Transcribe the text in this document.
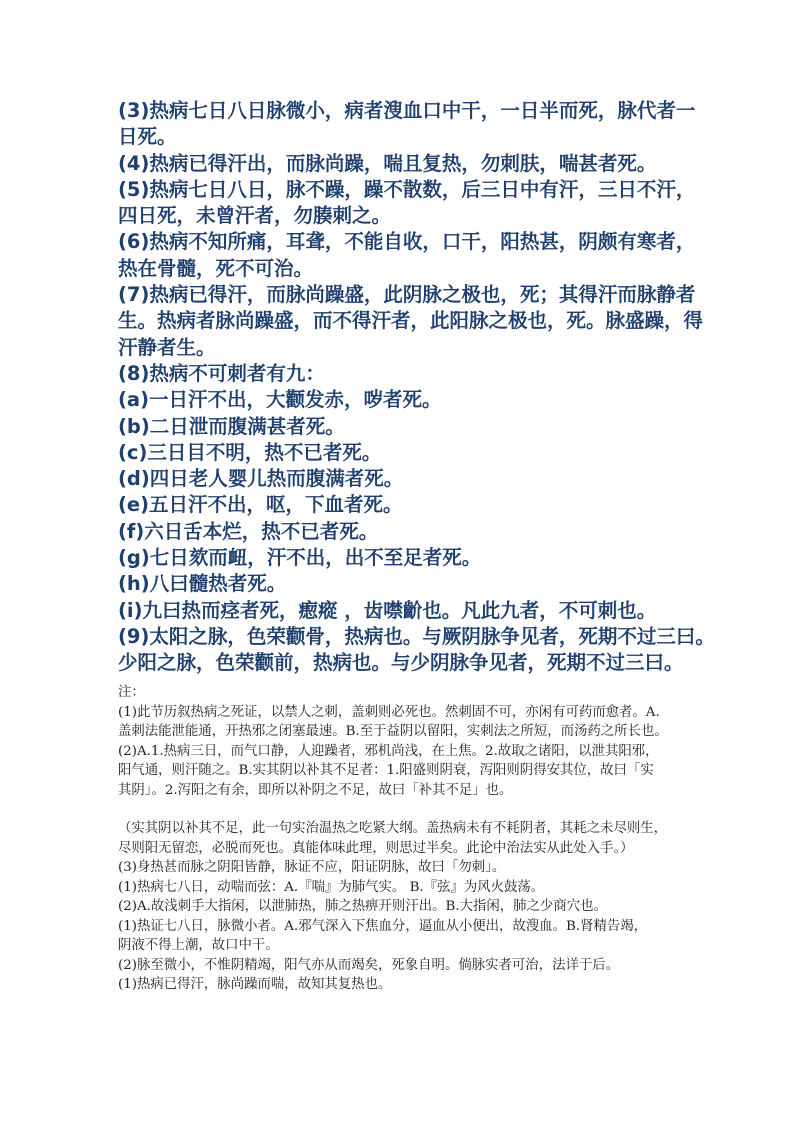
(3)热病七日八日脉微小，病者溲血口中干，一日半而死，脉代者一
日死。
(4)热病已得汗出，而脉尚躁，喘且复热，勿刺肤，喘甚者死。
(5)热病七日八日，脉不躁，躁不散数，后三日中有汗，三日不汗，
四日死，未曾汗者，勿腠刺之。
(6)热病不知所痛，耳聋，不能自收，口干，阳热甚，阴颇有寒者，
热在骨髓，死不可治。
(7)热病已得汗，而脉尚躁盛，此阴脉之极也，死；其得汗而脉静者
生。热病者脉尚躁盛，而不得汗者，此阳脉之极也，死。脉盛躁，得
汗静者生。
(8)热病不可刺者有九：
(a)一日汗不出，大颧发赤，哕者死。
(b)二日泄而腹满甚者死。
(c)三日目不明，热不已者死。
(d)四日老人婴儿热而腹满者死。
(e)五日汗不出，呕，下血者死。
(f)六日舌本烂，热不已者死。
(g)七日欬而衄，汗不出，出不至足者死。
(h)八曰髓热者死。
(i)九曰热而痉者死，瘛瘲 ，齿噤齘也。凡此九者，不可刺也。
(9)太阳之脉，色荣颧骨，热病也。与厥阴脉争见者，死期不过三曰。
少阳之脉，色荣颧前，热病也。与少阴脉争见者，死期不过三曰。
注：
(1)此节历叙热病之死证，以禁人之刺，盖刺则必死也。然刺固不可，亦闲有可药而愈者。A.
盖刺法能泄能通，开热邪之闭塞最速。B.至于益阴以留阳，实刺法之所短，而汤药之所长也。
(2)A.1.热病三日，而气口静，人迎躁者，邪机尚浅，在上焦。2.故取之诸阳，以泄其阳邪，
阳气通，则汗随之。B.实其阴以补其不足者：1.阳盛则阴衰，泻阳则阴得安其位，故曰「实
其阴」。2.泻阳之有余，即所以补阴之不足，故曰「补其不足」也。
（实其阴以补其不足，此一句实治温热之吃紧大纲。盖热病未有不耗阴者，其耗之未尽则生，
尽则阳无留恋，必脱而死也。真能体味此理，则思过半矣。此论中治法实从此处入手。）
(3)身热甚而脉之阴阳皆静，脉证不应，阳证阴脉，故曰「勿刺」。
(1)热病七八日，动喘而弦：A.『喘』为肺气实。 B.『弦』为风火鼓荡。
(2)A.故浅刺手大指闲，以泄肺热，肺之热痹开则汗出。B.大指闲，肺之少商穴也。
(1)热证七八日，脉微小者。A.邪气深入下焦血分，逼血从小便出，故溲血。B.肾精告竭，
阴液不得上潮，故口中干。
(2)脉至微小，不惟阴精竭，阳气亦从而竭矣，死象自明。倘脉实者可治，法详于后。
(1)热病已得汗，脉尚躁而喘，故知其复热也。
